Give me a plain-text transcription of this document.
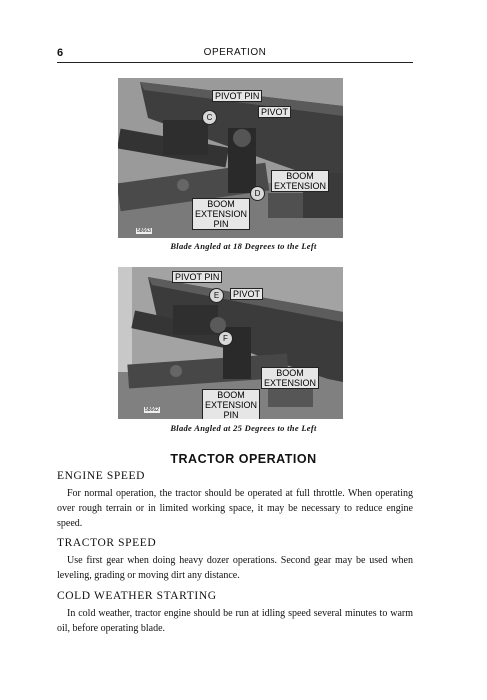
6	OPERATION
PIVOT PIN
PIVOT
BOOM
EXTENSION
BOOM
EXTENSION
PIN
C
D
58663
Blade Angled at 18 Degrees to the Left
PIVOT PIN
PIVOT
BOOM
EXTENSION
BOOM
EXTENSION
PIN
E
F
58662
Blade Angled at 25 Degrees to the Left
TRACTOR OPERATION
ENGINE SPEED
For normal operation, the tractor should be operated at full throttle. When operating over rough terrain or in limited working space, it may be necessary to reduce engine speed.
TRACTOR SPEED
Use first gear when doing heavy dozer operations. Second gear may be used when leveling, grading or moving dirt any distance.
COLD WEATHER STARTING
In cold weather, tractor engine should be run at idling speed several minutes to warm oil, before operating blade.
